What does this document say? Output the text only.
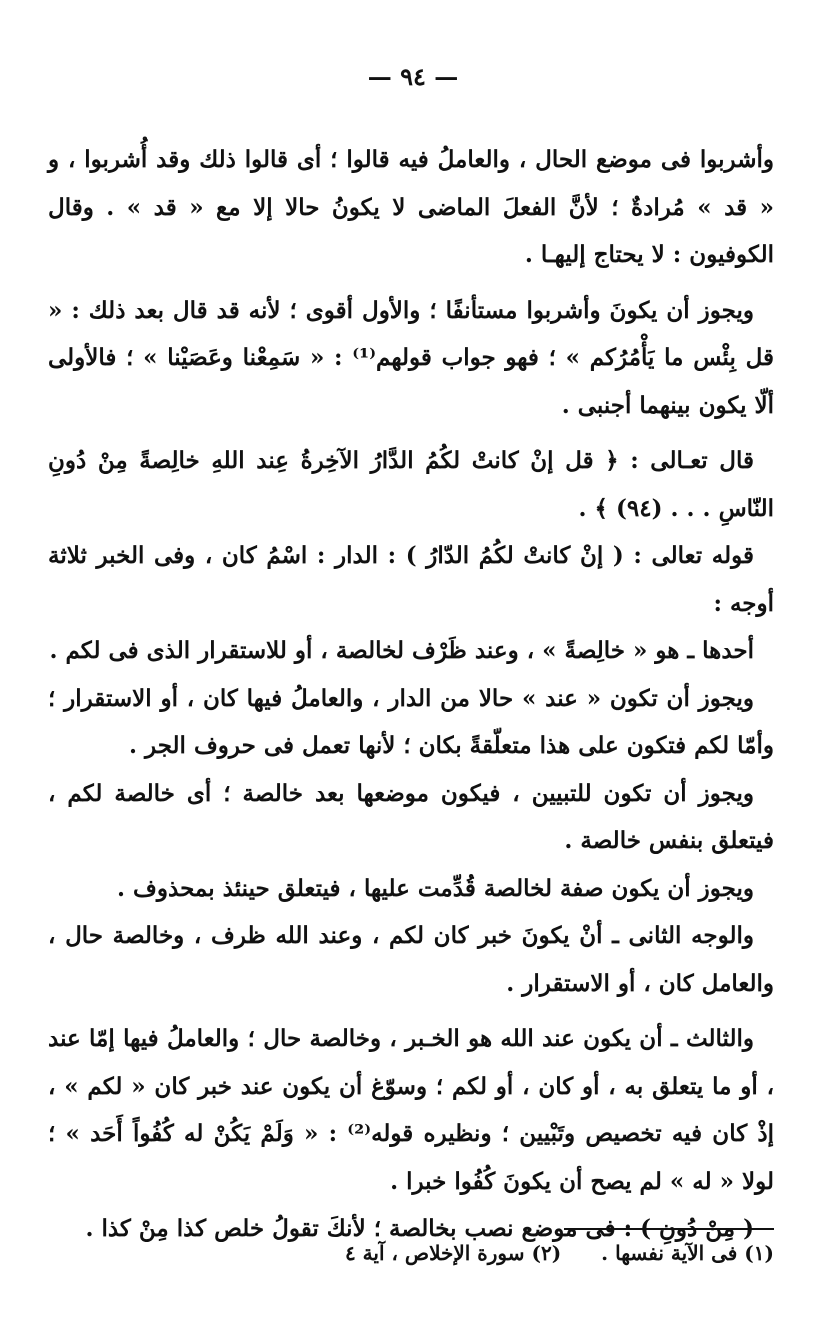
— ٩٤ —

وأشربوا فى موضع الحال ، والعاملُ فيه قالوا ؛ أى قالوا ذلك وقد أُشربوا ، و « قد » مُرادةٌ ؛ لأنَّ الفعلَ الماضى لا يكونُ حالا إلا مع « قد » . وقال الكوفيون : لا يحتاج إليهـا .

ويجوز أن يكونَ وأشربوا مستأنفًا ؛ والأول أقوى ؛ لأنه قد قال بعد ذلك : « قل بِئْس ما يَأْمُرُكم » ؛ فهو جواب قولهم⁽¹⁾ : « سَمِعْنا وعَصَيْنا » ؛ فالأولى ألّا يكون بينهما أجنبى .

قال تعـالى : ﴿ قل إنْ كانتْ لكُمُ الدَّارُ الآخِرةُ عِند اللهِ خالِصةً مِنْ دُونِ النّاسِ . . . (٩٤) ﴾ .

قوله تعالى : ( إنْ كانتْ لكُمُ الدّارُ ) : الدار : اسْمُ كان ، وفى الخبر ثلاثة أوجه :

أحدها ـ هو « خالِصةً » ، وعند ظَرْف لخالصة ، أو للاستقرار الذى فى لكم .

ويجوز أن تكون « عند » حالا من الدار ، والعاملُ فيها كان ، أو الاستقرار ؛ وأمّا لكم فتكون على هذا متعلّقةً بكان ؛ لأنها تعمل فى حروف الجر .

ويجوز أن تكون للتبيين ، فيكون موضعها بعد خالصة ؛ أى خالصة لكم ، فيتعلق بنفس خالصة .

ويجوز أن يكون صفة لخالصة قُدِّمت عليها ، فيتعلق حينئذ بمحذوف .

والوجه الثانى ـ أنْ يكونَ خبر كان لكم ، وعند الله ظرف ، وخالصة حال ، والعامل كان ، أو الاستقرار .

والثالث ـ أن يكون عند الله هو الخـبر ، وخالصة حال ؛ والعاملُ فيها إمّا عند ، أو ما يتعلق به ، أو كان ، أو لكم ؛ وسوّغ أن يكون عند خبر كان « لكم » ، إذْ كان فيه تخصيص وتَبْيين ؛ ونظيره قوله⁽²⁾ : « وَلَمْ يَكُنْ له كُفُواً أَحَد » ؛ لولا « له » لم يصح أن يكونَ كُفُوا خبرا .

( مِنْ دُونِ ) : فى موضع نصب بخالصة ؛ لأنكَ تقولُ خلص كذا مِنْ كذا .

(١) فى الآية نفسها .
(٢) سورة الإخلاص ، آية ٤
